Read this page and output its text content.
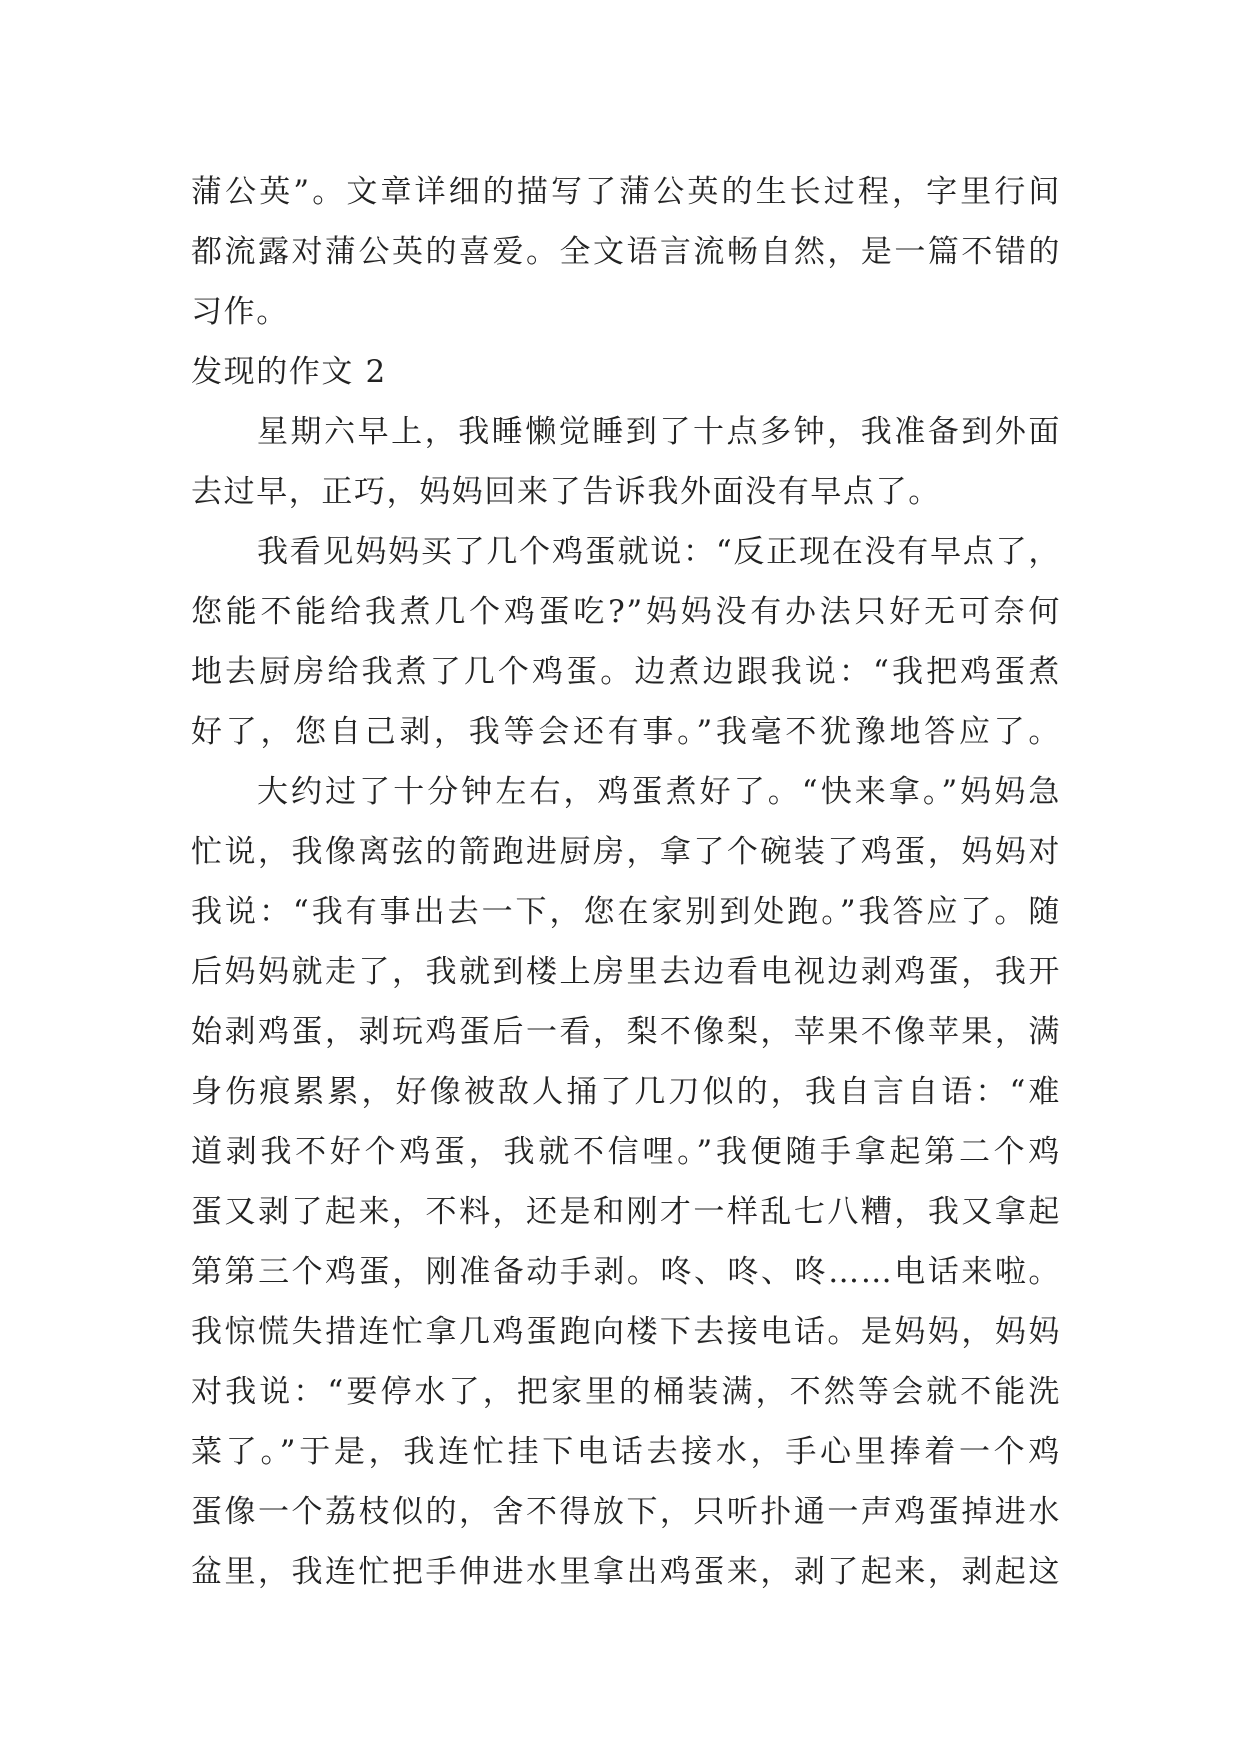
蒲公英”。文章详细的描写了蒲公英的生长过程，字里行间
都流露对蒲公英的喜爱。全文语言流畅自然，是一篇不错的
习作。
发现的作文 2
星期六早上，我睡懒觉睡到了十点多钟，我准备到外面
去过早，正巧，妈妈回来了告诉我外面没有早点了。
我看见妈妈买了几个鸡蛋就说：“反正现在没有早点了，
您能不能给我煮几个鸡蛋吃?”妈妈没有办法只好无可奈何
地去厨房给我煮了几个鸡蛋。边煮边跟我说：“我把鸡蛋煮
好了，您自己剥，我等会还有事。”我毫不犹豫地答应了。
大约过了十分钟左右，鸡蛋煮好了。“快来拿。”妈妈急
忙说，我像离弦的箭跑进厨房，拿了个碗装了鸡蛋，妈妈对
我说：“我有事出去一下，您在家别到处跑。”我答应了。随
后妈妈就走了，我就到楼上房里去边看电视边剥鸡蛋，我开
始剥鸡蛋，剥玩鸡蛋后一看，梨不像梨，苹果不像苹果，满
身伤痕累累，好像被敌人捅了几刀似的，我自言自语：“难
道剥我不好个鸡蛋，我就不信哩。”我便随手拿起第二个鸡
蛋又剥了起来，不料，还是和刚才一样乱七八糟，我又拿起
第第三个鸡蛋，刚准备动手剥。咚、咚、咚……电话来啦。
我惊慌失措连忙拿几鸡蛋跑向楼下去接电话。是妈妈，妈妈
对我说：“要停水了，把家里的桶装满，不然等会就不能洗
菜了。”于是，我连忙挂下电话去接水，手心里捧着一个鸡
蛋像一个荔枝似的，舍不得放下，只听扑通一声鸡蛋掉进水
盆里，我连忙把手伸进水里拿出鸡蛋来，剥了起来，剥起这
